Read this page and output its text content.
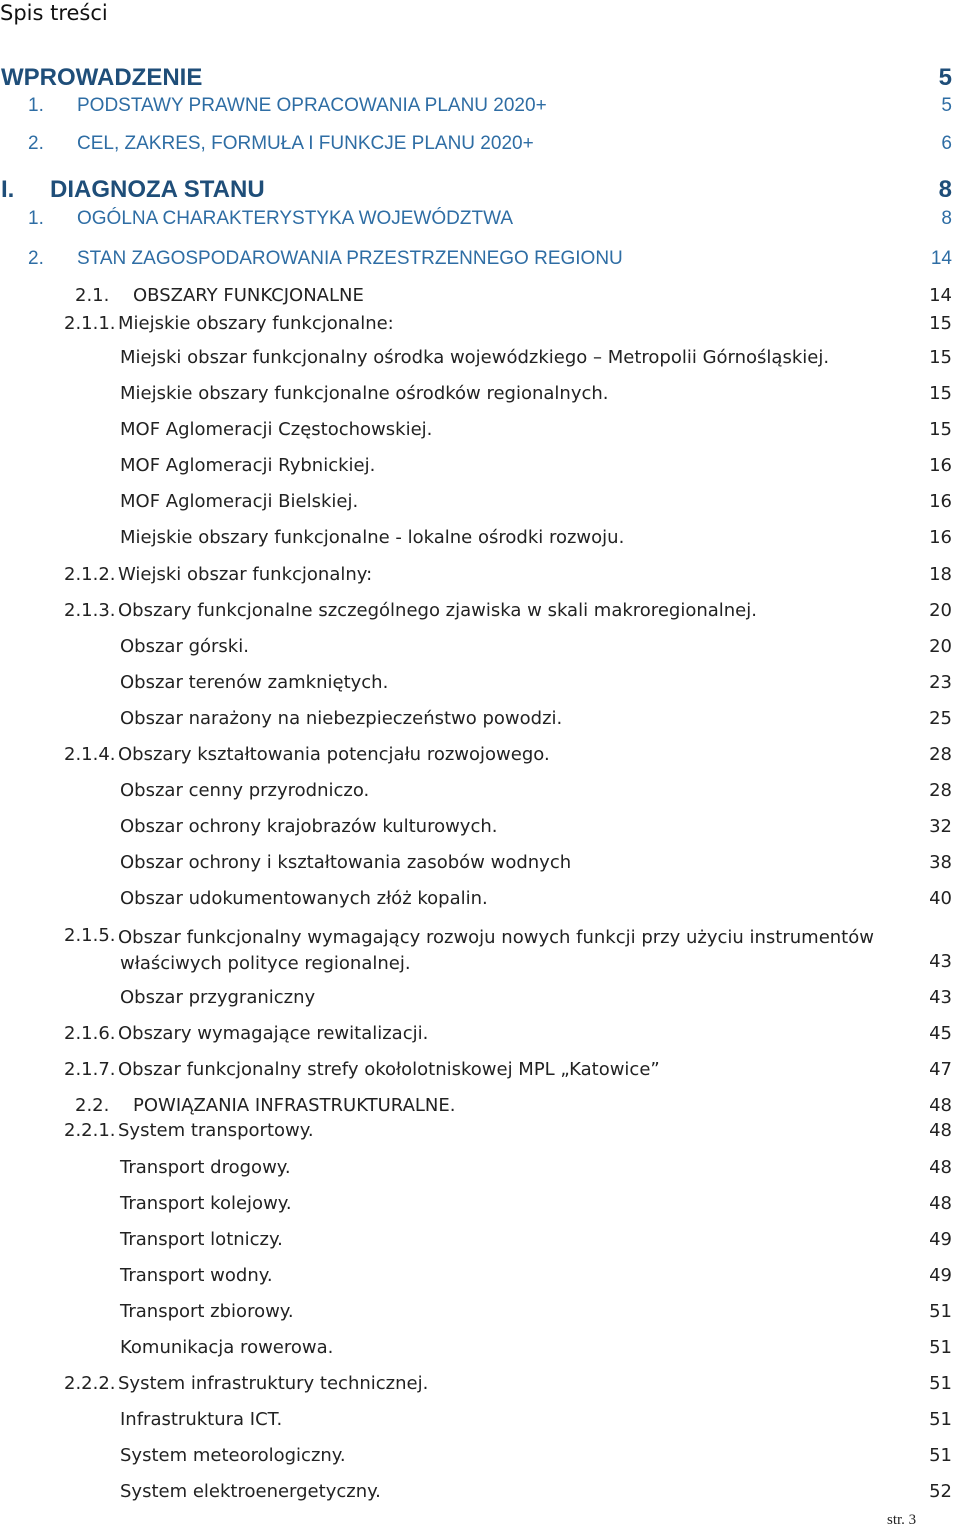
Spis treści
WPROWADZENIE	5
1. PODSTAWY PRAWNE OPRACOWANIA PLANU 2020+	5
2. CEL, ZAKRES, FORMUŁA I FUNKCJE PLANU 2020+	6
I. DIAGNOZA STANU	8
1. OGÓLNA CHARAKTERYSTYKA WOJEWÓDZTWA	8
2. STAN ZAGOSPODAROWANIA PRZESTRZENNEGO REGIONU	14
2.1. OBSZARY FUNKCJONALNE	14
2.1.1. Miejskie obszary funkcjonalne:	15
Miejski obszar funkcjonalny ośrodka wojewódzkiego – Metropolii Górnośląskiej.	15
Miejskie obszary funkcjonalne ośrodków regionalnych.	15
MOF Aglomeracji Częstochowskiej.	15
MOF Aglomeracji Rybnickiej.	16
MOF Aglomeracji Bielskiej.	16
Miejskie obszary funkcjonalne - lokalne ośrodki rozwoju.	16
2.1.2. Wiejski obszar funkcjonalny:	18
2.1.3. Obszary funkcjonalne szczególnego zjawiska w skali makroregionalnej.	20
Obszar górski.	20
Obszar terenów zamkniętych.	23
Obszar narażony na niebezpieczeństwo powodzi.	25
2.1.4. Obszary kształtowania potencjału rozwojowego.	28
Obszar cenny przyrodniczo.	28
Obszar ochrony krajobrazów kulturowych.	32
Obszar ochrony i kształtowania zasobów wodnych	38
Obszar udokumentowanych złóż kopalin.	40
2.1.5. Obszar funkcjonalny wymagający rozwoju nowych funkcji przy użyciu instrumentów
właściwych polityce regionalnej.	43
Obszar przygraniczny	43
2.1.6. Obszary wymagające rewitalizacji.	45
2.1.7. Obszar funkcjonalny strefy okołolotniskowej MPL „Katowice”	47
2.2. POWIĄZANIA INFRASTRUKTURALNE.	48
2.2.1. System transportowy.	48
Transport drogowy.	48
Transport kolejowy.	48
Transport lotniczy.	49
Transport wodny.	49
Transport zbiorowy.	51
Komunikacja rowerowa.	51
2.2.2. System infrastruktury technicznej.	51
Infrastruktura ICT.	51
System meteorologiczny.	51
System elektroenergetyczny.	52
str. 3
